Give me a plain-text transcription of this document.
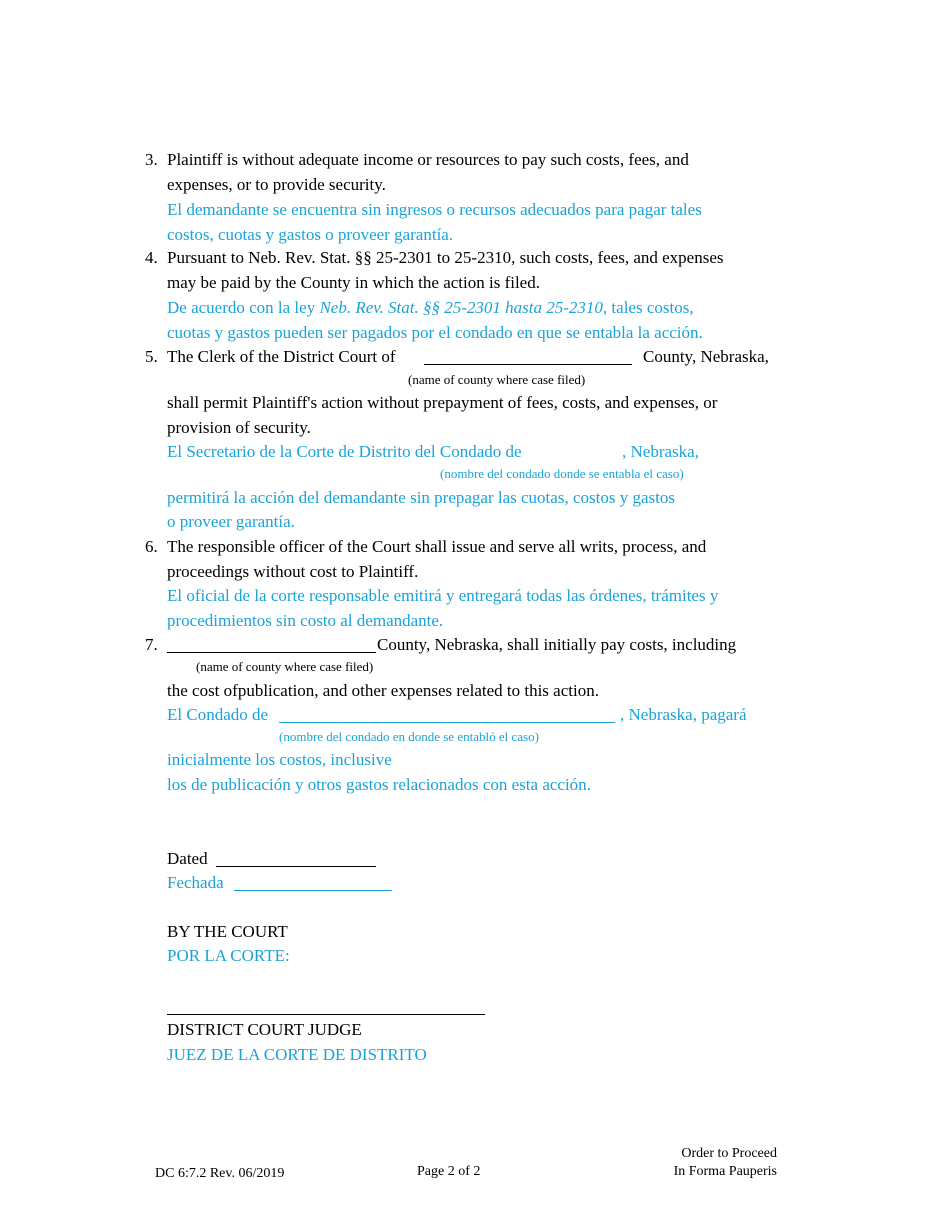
3. Plaintiff is without adequate income or resources to pay such costs, fees, and
expenses, or to provide security.
El demandante se encuentra sin ingresos o recursos adecuados para pagar tales
costos, cuotas y gastos o proveer garantía.
4. Pursuant to Neb. Rev. Stat. §§ 25-2301 to 25-2310, such costs, fees, and expenses
may be paid by the County in which the action is filed.
De acuerdo con la ley Neb. Rev. Stat. §§ 25-2301 hasta 25-2310, tales costos,
cuotas y gastos pueden ser pagados por el condado en que se entabla la acción.
5. The Clerk of the District Court of	County, Nebraska,
(name of county where case filed)
shall permit Plaintiff's action without prepayment of fees, costs, and expenses, or
provision of security.
El Secretario de la Corte de Distrito del Condado de	, Nebraska,
(nombre del condado donde se entabla el caso)
permitirá la acción del demandante sin prepagar las cuotas, costos y gastos
o proveer garantía.
6. The responsible officer of the Court shall issue and serve all writs, process, and
proceedings without cost to Plaintiff.
El oficial de la corte responsable emitirá y entregará todas las órdenes, trámites y
procedimientos sin costo al demandante.
7.	County, Nebraska, shall initially pay costs, including
(name of county where case filed)
the cost ofpublication, and other expenses related to this action.
El Condado de	, Nebraska, pagará
(nombre del condado en donde se entabló el caso)
inicialmente los costos, inclusive
los de publicación y otros gastos relacionados con esta acción.
Dated
Fechada
BY THE COURT
POR LA CORTE:
DISTRICT COURT JUDGE
JUEZ DE LA CORTE DE DISTRITO
DC 6:7.2 Rev. 06/2019	Page 2 of 2
Order to Proceed
In Forma Pauperis
